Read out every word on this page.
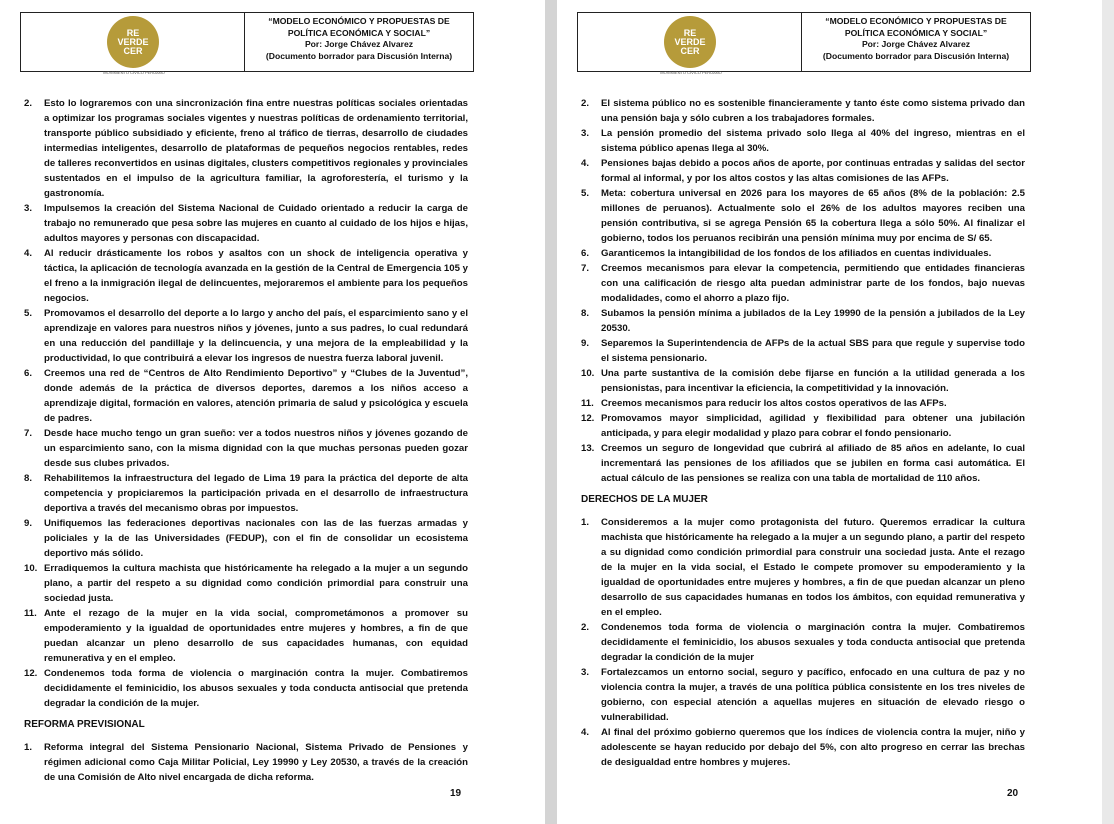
RE
VERDE
CER
MOVIMIENTO CÍVICO PERUANO
“MODELO ECONÓMICO Y PROPUESTAS DE
POLÍTICA ECONÓMICA Y SOCIAL”
Por: Jorge Chávez Alvarez
(Documento borrador para Discusión Interna)
2.	Esto lo lograremos con una sincronización fina entre nuestras políticas sociales orientadas a optimizar los programas sociales vigentes y nuestras políticas de ordenamiento territorial, transporte público subsidiado y eficiente, freno al tráfico de tierras, desarrollo de ciudades intermedias inteligentes, desarrollo de plataformas de pequeños negocios rentables, redes de talleres reconvertidos en usinas digitales, clusters competitivos regionales y provinciales sustentados en el impulso de la agricultura familiar, la agroforestería, el turismo y la gastronomía.
3.	Impulsemos la creación del Sistema Nacional de Cuidado orientado a reducir la carga de trabajo no remunerado que pesa sobre las mujeres en cuanto al cuidado de los hijos e hijas, adultos mayores y personas con discapacidad.
4.	Al reducir drásticamente los robos y asaltos con un shock de inteligencia operativa y táctica, la aplicación de tecnología avanzada en la gestión de la Central de Emergencia 105 y el freno a la inmigración ilegal de delincuentes, mejoraremos el ambiente para los pequeños negocios.
5.	Promovamos el desarrollo del deporte a lo largo y ancho del país, el esparcimiento sano y el aprendizaje en valores para nuestros niños y jóvenes, junto a sus padres, lo cual redundará en una reducción del pandillaje y la delincuencia, y una mejora de la empleabilidad y la productividad, lo que contribuirá a elevar los ingresos de nuestra fuerza laboral juvenil.
6.	Creemos una red de “Centros de Alto Rendimiento Deportivo” y “Clubes de la Juventud”, donde además de la práctica de diversos deportes, daremos a los niños acceso a aprendizaje digital, formación en valores, atención primaria de salud y psicológica y escuela de padres.
7.	Desde hace mucho tengo un gran sueño: ver a todos nuestros niños y jóvenes gozando de un esparcimiento sano, con la misma dignidad con la que muchas personas pueden gozar desde sus clubes privados.
8.	Rehabilitemos la infraestructura del legado de Lima 19 para la práctica del deporte de alta competencia y propiciaremos la participación privada en el desarrollo de infraestructura deportiva a través del mecanismo obras por impuestos.
9.	Unifiquemos las federaciones deportivas nacionales con las de las fuerzas armadas y policiales y la de las Universidades (FEDUP), con el fin de consolidar un ecosistema deportivo más sólido.
10. Erradiquemos la cultura machista que históricamente ha relegado a la mujer a un segundo plano, a partir del respeto a su dignidad como condición primordial para construir una sociedad justa.
11. Ante el rezago de la mujer en la vida social, comprometámonos a promover su empoderamiento y la igualdad de oportunidades entre mujeres y hombres, a fin de que puedan alcanzar un pleno desarrollo de sus capacidades humanas, con equidad remunerativa y en el empleo.
12. Condenemos toda forma de violencia o marginación contra la mujer. Combatiremos decididamente el feminicidio, los abusos sexuales y toda conducta antisocial que pretenda degradar la condición de la mujer.
REFORMA PREVISIONAL
1.	Reforma integral del Sistema Pensionario Nacional, Sistema Privado de Pensiones y régimen adicional como Caja Militar Policial, Ley 19990 y Ley 20530, a través de la creación de una Comisión de Alto nivel encargada de dicha reforma.
19
RE
VERDE
CER
MOVIMIENTO CÍVICO PERUANO
“MODELO ECONÓMICO Y PROPUESTAS DE
POLÍTICA ECONÓMICA Y SOCIAL”
Por: Jorge Chávez Alvarez
(Documento borrador para Discusión Interna)
2.	El sistema público no es sostenible financieramente y tanto éste como sistema privado dan una pensión baja y sólo cubren a los trabajadores formales.
3.	La pensión promedio del sistema privado solo llega al 40% del ingreso, mientras en el sistema público apenas llega al 30%.
4.	Pensiones bajas debido a pocos años de aporte, por continuas entradas y salidas del sector formal al informal, y por los altos costos y las altas comisiones de las AFPs.
5.	Meta: cobertura universal en 2026 para los mayores de 65 años (8% de la población: 2.5 millones de peruanos). Actualmente solo el 26% de los adultos mayores reciben una pensión contributiva, si se agrega Pensión 65 la cobertura llega a sólo 50%. Al finalizar el gobierno, todos los peruanos recibirán una pensión mínima muy por encima de S/ 65.
6.	Garanticemos la intangibilidad de los fondos de los afiliados en cuentas individuales.
7.	Creemos mecanismos para elevar la competencia, permitiendo que entidades financieras con una calificación de riesgo alta puedan administrar parte de los fondos, bajo nuevas modalidades, como el ahorro a plazo fijo.
8.	Subamos la pensión mínima a jubilados de la Ley 19990 de la pensión a jubilados de la Ley 20530.
9.	Separemos la Superintendencia de AFPs de la actual SBS para que regule y supervise todo el sistema pensionario.
10. Una parte sustantiva de la comisión debe fijarse en función a la utilidad generada a los pensionistas, para incentivar la eficiencia, la competitividad y la innovación.
11. Creemos mecanismos para reducir los altos costos operativos de las AFPs.
12. Promovamos mayor simplicidad, agilidad y flexibilidad para obtener una jubilación anticipada, y para elegir modalidad y plazo para cobrar el fondo pensionario.
13. Creemos un seguro de longevidad que cubrirá al afiliado de 85 años en adelante, lo cual incrementará las pensiones de los afiliados que se jubilen en forma casi automática. El actual cálculo de las pensiones se realiza con una tabla de mortalidad de 110 años.
DERECHOS DE LA MUJER
1.	Consideremos a la mujer como protagonista del futuro. Queremos erradicar la cultura machista que históricamente ha relegado a la mujer a un segundo plano, a partir del respeto a su dignidad como condición primordial para construir una sociedad justa. Ante el rezago de la mujer en la vida social, el Estado le compete promover su empoderamiento y la igualdad de oportunidades entre mujeres y hombres, a fin de que puedan alcanzar un pleno desarrollo de sus capacidades humanas en todos los ámbitos, con equidad remunerativa y en el empleo.
2.	Condenemos toda forma de violencia o marginación contra la mujer. Combatiremos decididamente el feminicidio, los abusos sexuales y toda conducta antisocial que pretenda degradar la condición de la mujer
3.	Fortalezcamos un entorno social, seguro y pacífico, enfocado en una cultura de paz y no violencia contra la mujer, a través de una política pública consistente en los tres niveles de gobierno, con especial atención a aquellas mujeres en situación de elevado riesgo o vulnerabilidad.
4.	Al final del próximo gobierno queremos que los índices de violencia contra la mujer, niño y adolescente se hayan reducido por debajo del 5%, con alto progreso en cerrar las brechas de desigualdad entre hombres y mujeres.
20
